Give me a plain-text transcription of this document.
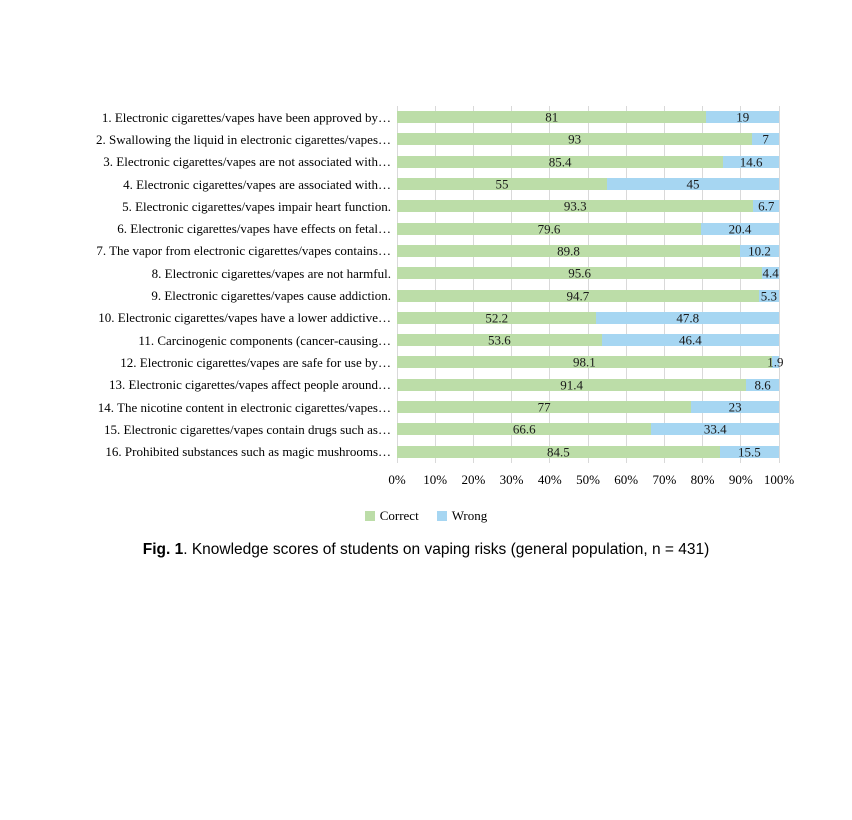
1. Electronic cigarettes/vapes have been approved by…	81	19
2. Swallowing the liquid in electronic cigarettes/vapes…	93	7
3. Electronic cigarettes/vapes are not associated with…	85.4	14.6
4. Electronic cigarettes/vapes are associated with…	55	45
5. Electronic cigarettes/vapes impair heart function.	93.3	6.7
6. Electronic cigarettes/vapes have effects on fetal…	79.6	20.4
7. The vapor from electronic cigarettes/vapes contains…	89.8	10.2
8. Electronic cigarettes/vapes are not harmful.	95.6	4.4
9. Electronic cigarettes/vapes cause addiction.	94.7	5.3
10. Electronic cigarettes/vapes have a lower addictive…	52.2	47.8
11. Carcinogenic components (cancer-causing…	53.6	46.4
12. Electronic cigarettes/vapes are safe for use by…	98.1	1.9
13. Electronic cigarettes/vapes affect people around…	91.4	8.6
14. The nicotine content in electronic cigarettes/vapes…	77	23
15. Electronic cigarettes/vapes contain drugs such as…	66.6	33.4
16. Prohibited substances such as magic mushrooms…	84.5	15.5
0% 10% 20% 30% 40% 50% 60% 70% 80% 90% 100%
Correct	Wrong

Fig. 1. Knowledge scores of students on vaping risks (general population, n = 431)
